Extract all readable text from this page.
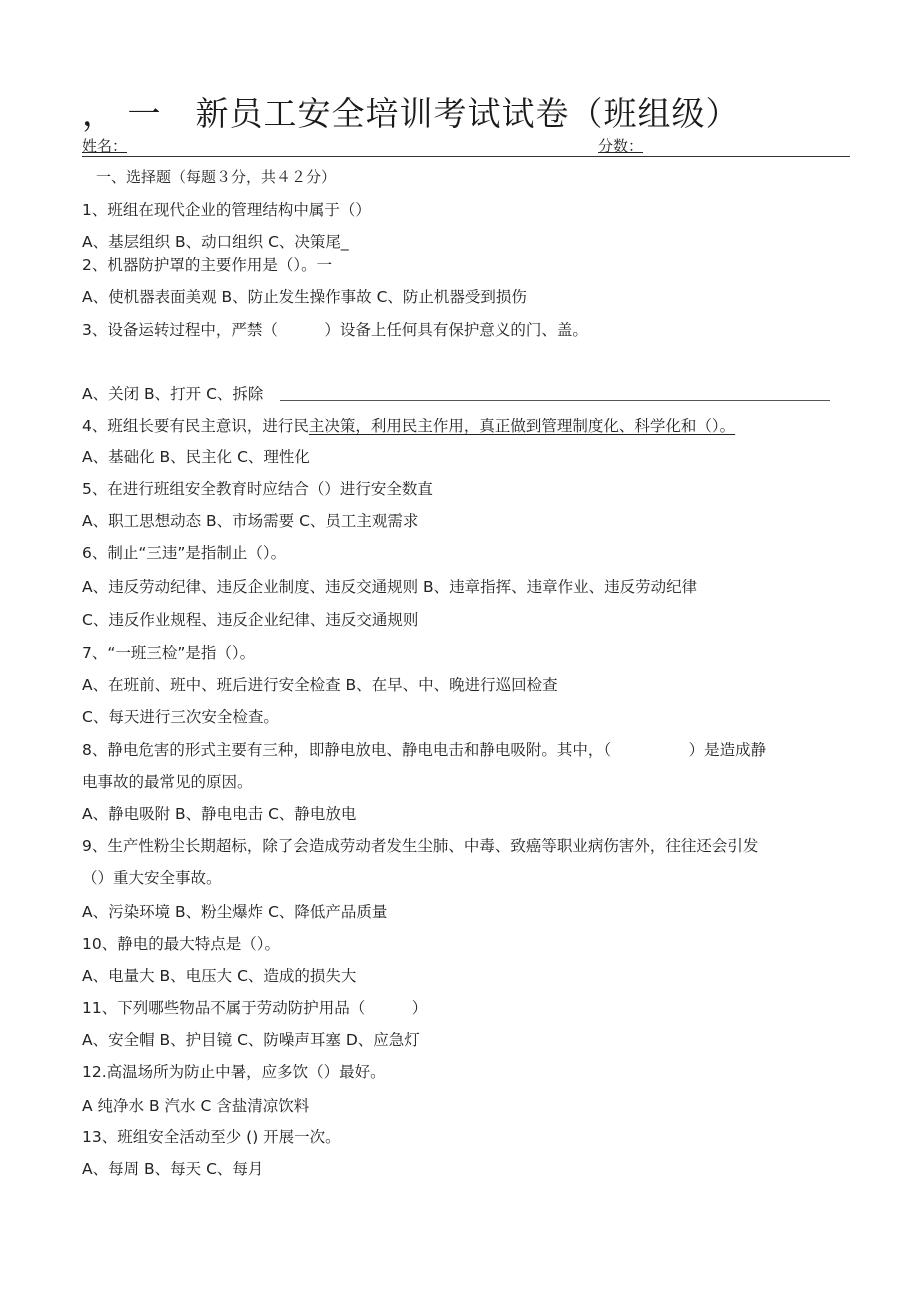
， 一　新员工安全培训考试试卷（班组级）
姓名：	分数：
一、选择题（每题３分，共４２分）
1、班组在现代企业的管理结构中属于（）
A、基层组织 B、动口组织 C、决策尾_
2、机器防护罩的主要作用是（）。一
A、使机器表面美观 B、防止发生操作事故 C、防止机器受到损伤
3、设备运转过程中，严禁（　　　）设备上任何具有保护意义的门、盖。
A、关闭 B、打开 C、拆除
4、班组长要有民主意识，进行民主决策，利用民主作用，真正做到管理制度化、科学化和（）。
A、基础化 B、民主化 C、理性化
5、在进行班组安全教育时应结合（）进行安全数直
A、职工思想动态 B、市场需要 C、员工主观需求
6、制止“三违”是指制止（）。
A、违反劳动纪律、违反企业制度、违反交通规则 B、违章指挥、违章作业、违反劳动纪律
C、违反作业规程、违反企业纪律、违反交通规则
7、“一班三检”是指（）。
A、在班前、班中、班后进行安全检查 B、在早、中、晚进行巡回检查
C、每天进行三次安全检查。
8、静电危害的形式主要有三种，即静电放电、静电电击和静电吸附。其中，（　　　　　）是造成静
电事故的最常见的原因。
A、静电吸附 B、静电电击 C、静电放电
9、生产性粉尘长期超标，除了会造成劳动者发生尘肺、中毒、致癌等职业病伤害外，往往还会引发
（）重大安全事故。
A、污染环境 B、粉尘爆炸 C、降低产品质量
10、静电的最大特点是（）。
A、电量大 B、电压大 C、造成的损失大
11、下列哪些物品不属于劳动防护用品（　　　）
A、安全帽 B、护目镜 C、防噪声耳塞 D、应急灯
12.高温场所为防止中暑，应多饮（）最好。
A 纯净水 B 汽水 C 含盐清凉饮料
13、班组安全活动至少 () 开展一次。
A、每周 B、每天 C、每月
